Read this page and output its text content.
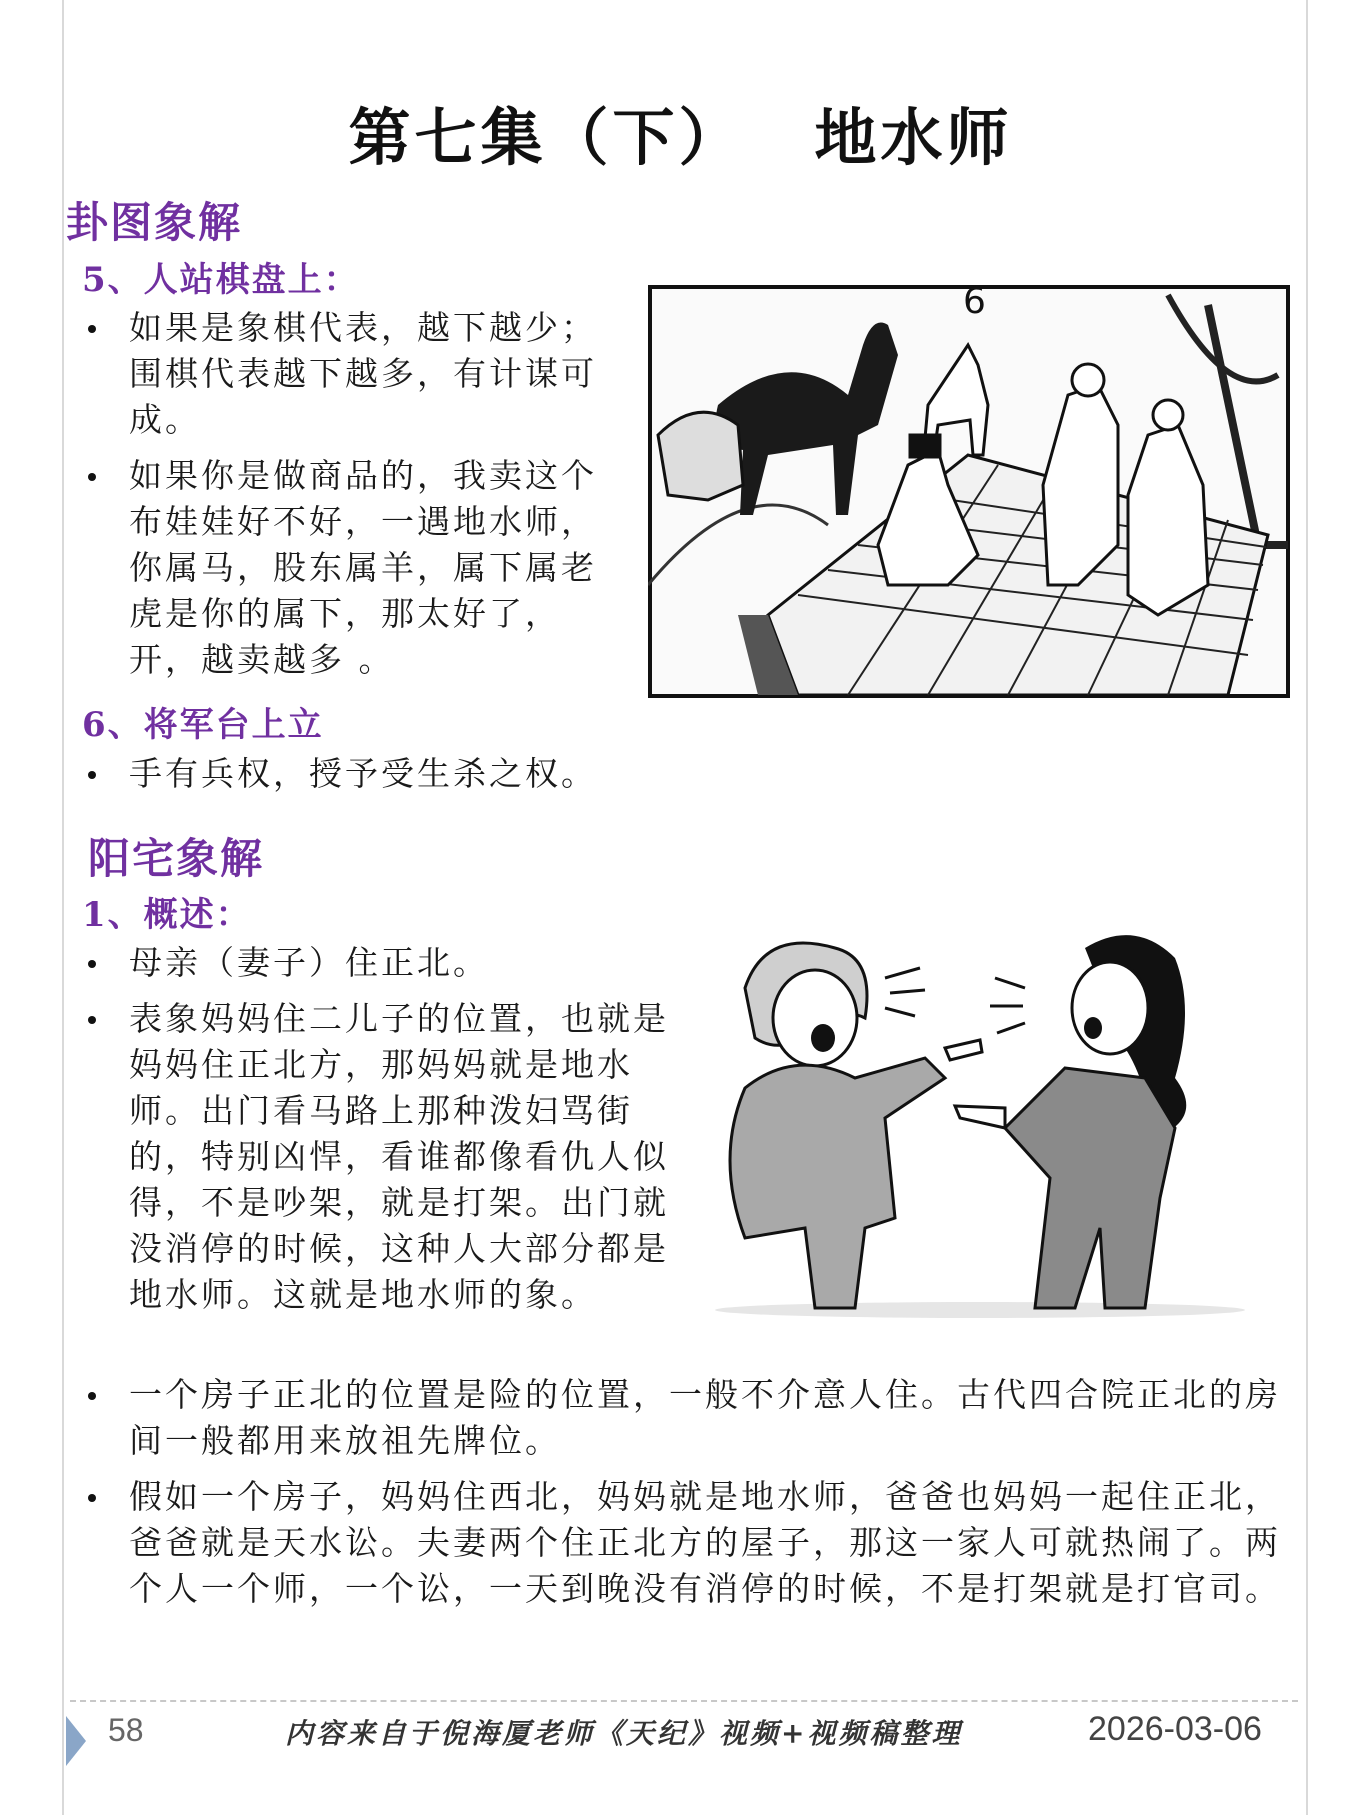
第七集（下） 地水师
卦图象解
5、人站棋盘上：
如果是象棋代表，越下越少；围棋代表越下越多，有计谋可成。
如果你是做商品的，我卖这个布娃娃好不好，一遇地水师，你属马，股东属羊，属下属老虎是你的属下，那太好了，开，越卖越多 。
6
6、将军台上立
手有兵权，授予受生杀之权。
阳宅象解
1、概述：
母亲（妻子）住正北。
表象妈妈住二儿子的位置，也就是妈妈住正北方，那妈妈就是地水师。出门看马路上那种泼妇骂街的，特别凶悍，看谁都像看仇人似得，不是吵架，就是打架。出门就没消停的时候，这种人大部分都是地水师。这就是地水师的象。
一个房子正北的位置是险的位置，一般不介意人住。古代四合院正北的房间一般都用来放祖先牌位。
假如一个房子，妈妈住西北，妈妈就是地水师，爸爸也妈妈一起住正北，爸爸就是天水讼。夫妻两个住正北方的屋子，那这一家人可就热闹了。两个人一个师，一个讼，一天到晚没有消停的时候，不是打架就是打官司。
58	内容来自于倪海厦老师《天纪》视频+视频稿整理	2026-03-06
